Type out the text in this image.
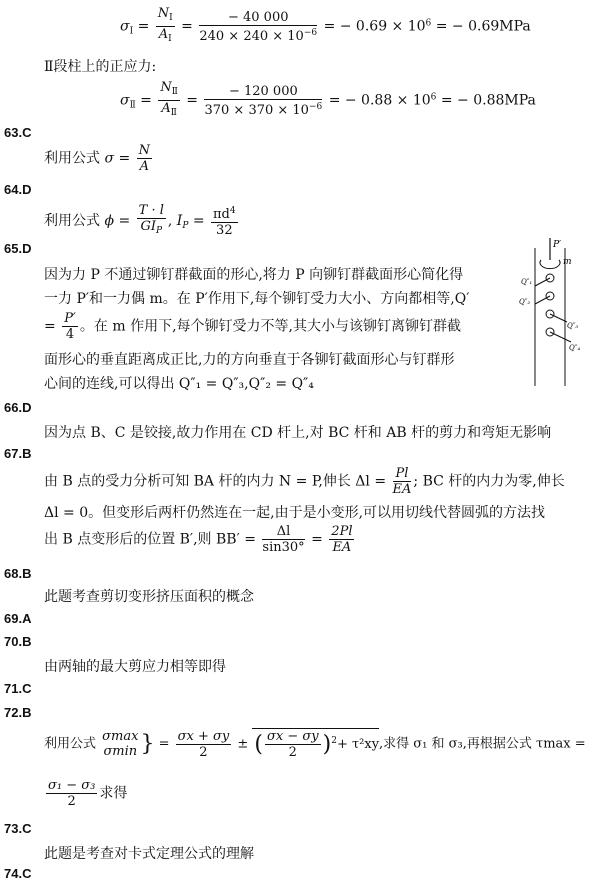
$\sigma_Ⅰ = \frac{N_Ⅰ}{A_Ⅰ} = \frac{- 40 000}{240 \times 240 \times 10^{-6}}$ = − $0.69 \times 10^6$ = − 0.69MPa
Ⅱ段柱上的正应力:
$\sigma_Ⅱ = \frac{N_Ⅱ}{A_Ⅱ} = \frac{- 120 000}{370 \times 370 \times 10^{-6}}$ = − $0.88 \times 10^6$ = − 0.88MPa
63.C
利用公式 $\sigma = \frac{N}{A}$
64.D
利用公式 $\phi = \frac{T \cdot l}{GI_P}$ , $I_P = \frac{\pi d^4}{32}$
65.D
因为力 P 不通过铆钉群截面的形心,将力 P 向铆钉群截面形心简化得
一力 P′和一力偶 m。在 P′作用下,每个铆钉受力大小、方向都相等,Q′
= $\frac{P'}{4}$ 。在 m 作用下,每个铆钉受力不等,其大小与该铆钉离铆钉群截
面形心的垂直距离成正比,力的方向垂直于各铆钉截面形心与钉群形
心间的连线,可以得出 Q″₁ = Q″₃,Q″₂ = Q″₄
P′
m
Q″₁
Q″₂
Q″₃
Q″₄
66.D
因为点 B、C 是铰接,故力作用在 CD 杆上,对 BC 杆和 AB 杆的剪力和弯矩无影响
67.B
由 B 点的受力分析可知 BA 杆的内力 N = P,伸长 $\Delta l = \frac{Pl}{EA}$ ; BC 杆的内力为零,伸长
Δl = 0。但变形后两杆仍然连在一起,由于是小变形,可以用切线代替圆弧的方法找
出 B 点变形后的位置 B′,则 $BB' = \frac{\Delta l}{\sin 30^\circ} = \frac{2Pl}{EA}$
68.B
此题考查剪切变形挤压面积的概念
69.A
70.B
由两轴的最大剪应力相等即得
71.C
72.B
利用公式 σmax
σmin } = $\frac{\sigma x + \sigma y}{2}$ ± ( $\frac{\sigma x - \sigma y}{2} )^2+ \tau^2xy$,求得 σ₁ 和 σ₃,再根据公式 τmax =
$\frac{\text{σ₁ − σ₃}}{2}$ 求得
73.C
此题是考查对卡式定理公式的理解
74.C
